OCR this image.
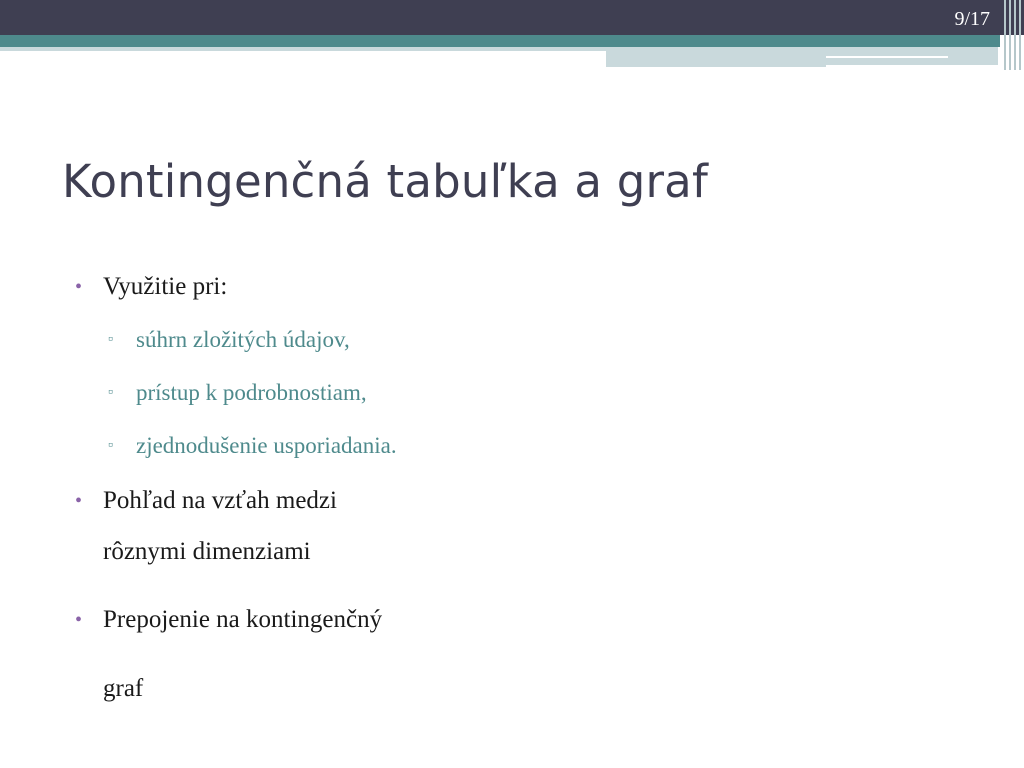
9/17
Kontingenčná tabuľka a graf
• Využitie pri:
▫ súhrn zložitých údajov,
▫ prístup k podrobnostiam,
▫ zjednodušenie usporiadania.
• Pohľad na vzťah medzi
rôznymi dimenziami
• Prepojenie na kontingenčný
graf
